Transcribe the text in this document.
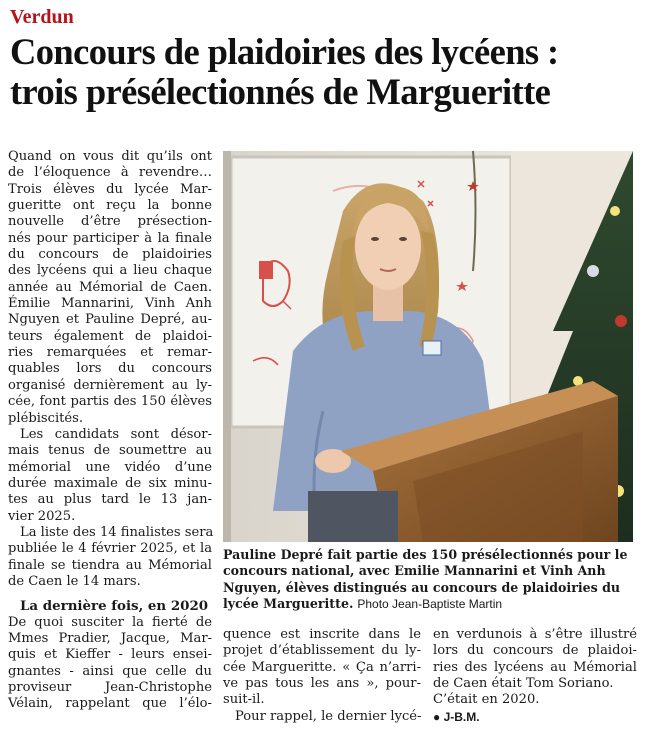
Verdun
Concours de plaidoiries des lycéens :
trois présélectionnés de Margueritte
Quand on vous dit qu’ils ont
de l’éloquence à revendre…
Trois élèves du lycée Mar-
gueritte ont reçu la bonne
nouvelle d’être présection-
nés pour participer à la finale
du concours de plaidoiries
des lycéens qui a lieu chaque
année au Mémorial de Caen.
Émilie Mannarini, Vinh Anh
Nguyen et Pauline Depré, au-
teurs également de plaidoi-
ries remarquées et remar-
quables lors du concours
organisé dernièrement au ly-
cée, font partis des 150 élèves
plébiscités.
Les candidats sont désor-
mais tenus de soumettre au
mémorial une vidéo d’une
durée maximale de six minu-
tes au plus tard le 13 jan-
vier 2025.
La liste des 14 finalistes sera
publiée le 4 février 2025, et la
finale se tiendra au Mémorial
de Caen le 14 mars.
La dernière fois, en 2020
De quoi susciter la fierté de
Mmes Pradier, Jacque, Mar-
quis et Kieffer - leurs ensei-
gnantes - ainsi que celle du
proviseur Jean-Christophe
Vélain, rappelant que l’élo-
Pauline Depré fait partie des 150 présélectionnés pour le concours national, avec Emilie Mannarini et Vinh Anh Nguyen, élèves distingués au concours de plaidoiries du lycée Margueritte. Photo Jean-Baptiste Martin
quence est inscrite dans le
projet d’établissement du ly-
cée Margueritte. « Ça n’arri-
ve pas tous les ans », pour-
suit-il.
Pour rappel, le dernier lycé-
en verdunois à s’être illustré
lors du concours de plaidoi-
ries des lycéens au Mémorial
de Caen était Tom Soriano.
C’était en 2020.
● J-B.M.
